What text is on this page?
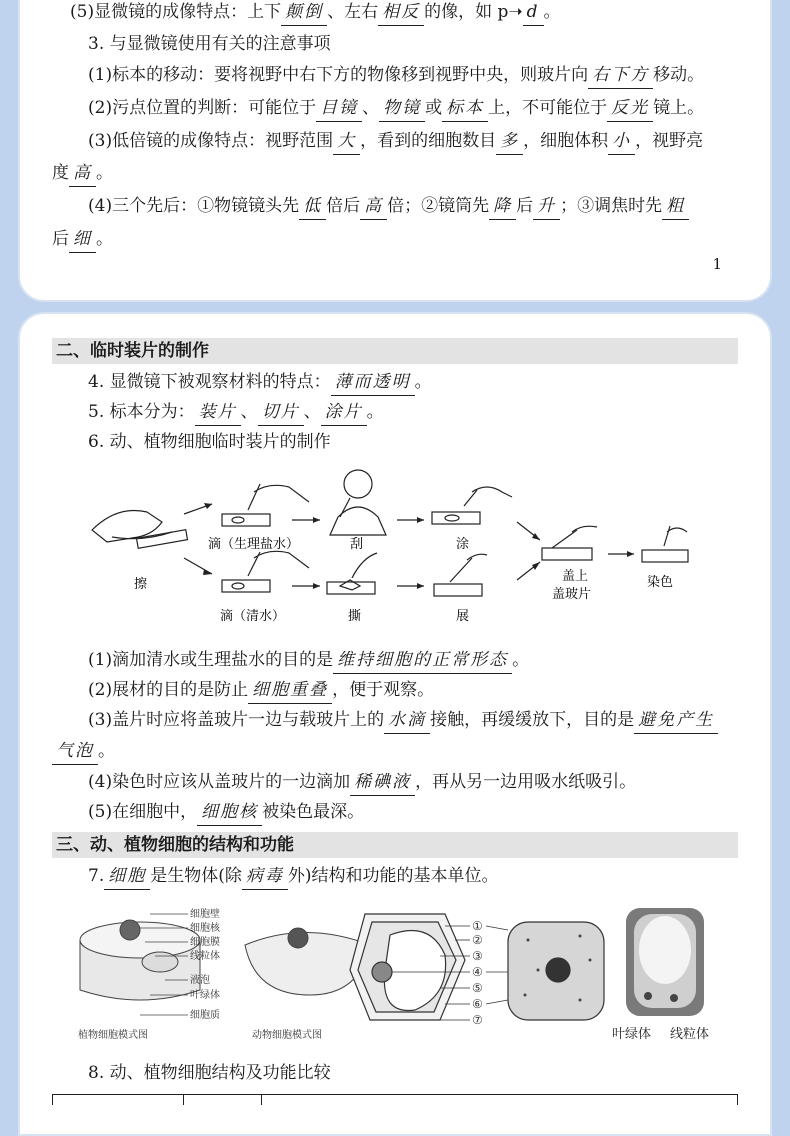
(5)显微镜的成像特点：上下 颠倒 、左右 相反 的像，如 p➝ d 。
3. 与显微镜使用有关的注意事项
(1)标本的移动：要将视野中右下方的物像移到视野中央，则玻片向 右下方 移动。
(2)污点位置的判断：可能位于 目镜 、 物镜 或 标本 上，不可能位于 反光 镜上。
(3)低倍镜的成像特点：视野范围 大 ，看到的细胞数目 多 ，细胞体积 小 ，视野亮
度 高 。
(4)三个先后：①物镜镜头先 低 倍后 高 倍；②镜筒先 降 后 升 ；③调焦时先 粗
后 细 。
1
二、临时装片的制作
4. 显微镜下被观察材料的特点： 薄而透明 。
5. 标本分为： 装片 、 切片 、 涂片 。
6. 动、植物细胞临时装片的制作
擦
滴（生理盐水）	刮	涂
滴（清水）	撕	展
盖上
盖玻片
染色
(1)滴加清水或生理盐水的目的是 维持细胞的正常形态 。
(2)展材的目的是防止 细胞重叠 ，便于观察。
(3)盖片时应将盖玻片一边与载玻片上的 水滴 接触，再缓缓放下，目的是 避免产生
气泡 。
(4)染色时应该从盖玻片的一边滴加 稀碘液 ，再从另一边用吸水纸吸引。
(5)在细胞中， 细胞核 被染色最深。
三、动、植物细胞的结构和功能
7. 细胞 是生物体(除 病毒 外)结构和功能的基本单位。
细胞壁
细胞核
细胞膜
线粒体
液泡
叶绿体
细胞质
植物细胞模式图	动物细胞模式图
①
②
③
④
⑤
⑥
⑦
叶绿体 线粒体
8. 动、植物细胞结构及功能比较
